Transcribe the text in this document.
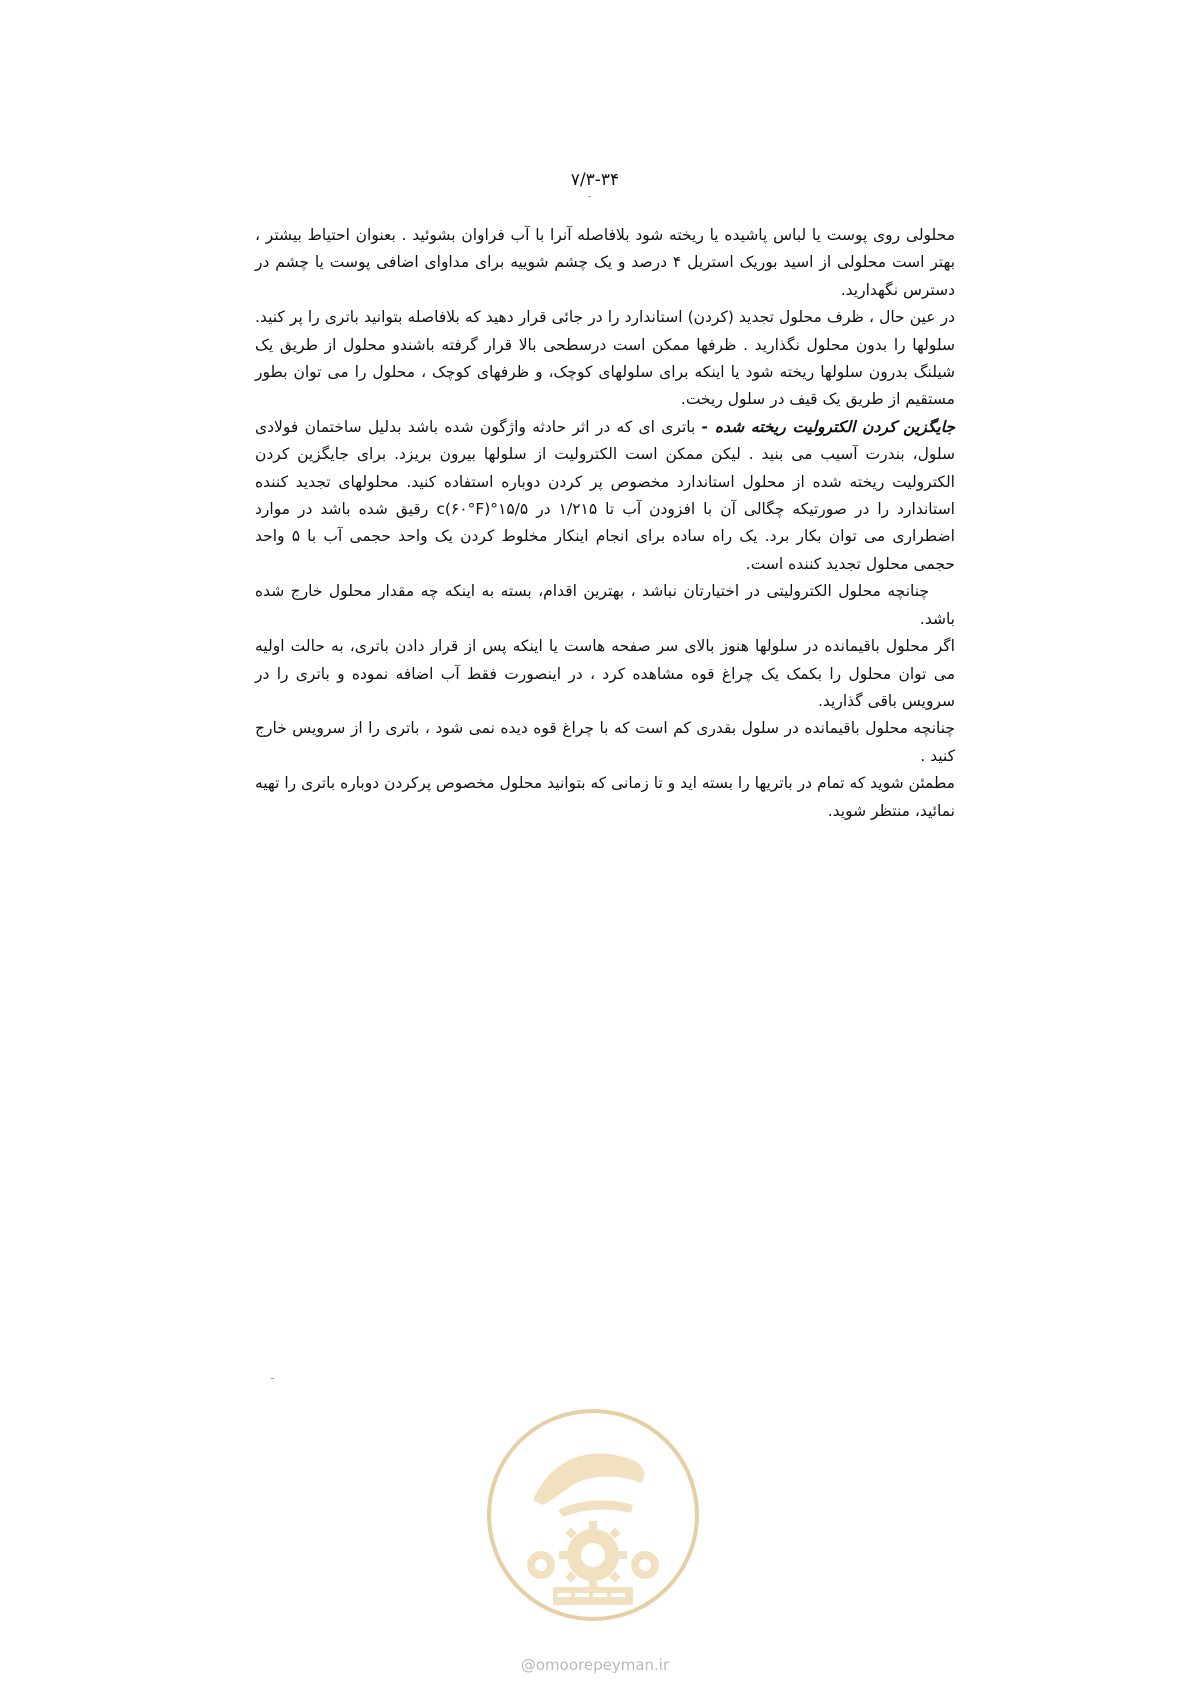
۷/۳-۳۴

محلولی روی پوست یا لباس پاشیده یا ریخته شود بلافاصله آنرا با آب فراوان بشوئید . بعنوان احتیاط بیشتر ، بهتر است محلولی از اسید بوریک استریل ۴ درصد و یک چشم شوییه برای مداوای اضافی پوست یا چشم در دسترس نگهدارید.

در عین حال ، ظرف محلول تجدید (کردن) استاندارد را در جائی قرار دهید که بلافاصله بتوانید باتری را پر کنید. سلولها را بدون محلول نگذارید . ظرفها ممکن است درسطحی بالا قرار گرفته باشندو محلول از طریق یک شیلنگ بدرون سلولها ریخته شود یا اینکه برای سلولهای کوچک، و ظرفهای کوچک ، محلول را می توان بطور مستقیم از طریق یک قیف در سلول ریخت.

جایگزین کردن الکترولیت ریخته شده - باتری ای که در اثر حادثه واژگون شده باشد بدلیل ساختمان فولادی سلول، بندرت آسیب می بنید . لیکن ممکن است الکترولیت از سلولها بیرون بریزد. برای جایگزین کردن الکترولیت ریخته شده از محلول استاندارد مخصوص پر کردن دوباره استفاده کنید. محلولهای تجدید کننده استاندارد را در صورتیکه چگالی آن با افزودن آب تا ۱/۲۱۵ در ۱۵/۵°c(۶۰°F) رقیق شده باشد در موارد اضطراری می توان بکار برد. یک راه ساده برای انجام اینکار مخلوط کردن یک واحد حجمی آب با ۵ واحد حجمی محلول تجدید کننده است.

چنانچه محلول الکترولیتی در اختیارتان نباشد ، بهترین اقدام، بسته به اینکه چه مقدار محلول خارج شده باشد.

اگر محلول باقیمانده در سلولها هنوز بالای سر صفحه هاست یا اینکه پس از قرار دادن باتری، به حالت اولیه می توان محلول را بکمک یک چراغ قوه مشاهده کرد ، در اینصورت فقط آب اضافه نموده و باتری را در سرویس باقی گذارید.

چنانچه محلول باقیمانده در سلول بقدری کم است که با چراغ قوه دیده نمی شود ، باتری را از سرویس خارج کنید .

مطمئن شوید که تمام در باتریها را بسته اید و تا زمانی که بتوانید محلول مخصوص پرکردن دوباره باتری را تهیه نمائید، منتظر شوید.

@omoorepeyman.ir
